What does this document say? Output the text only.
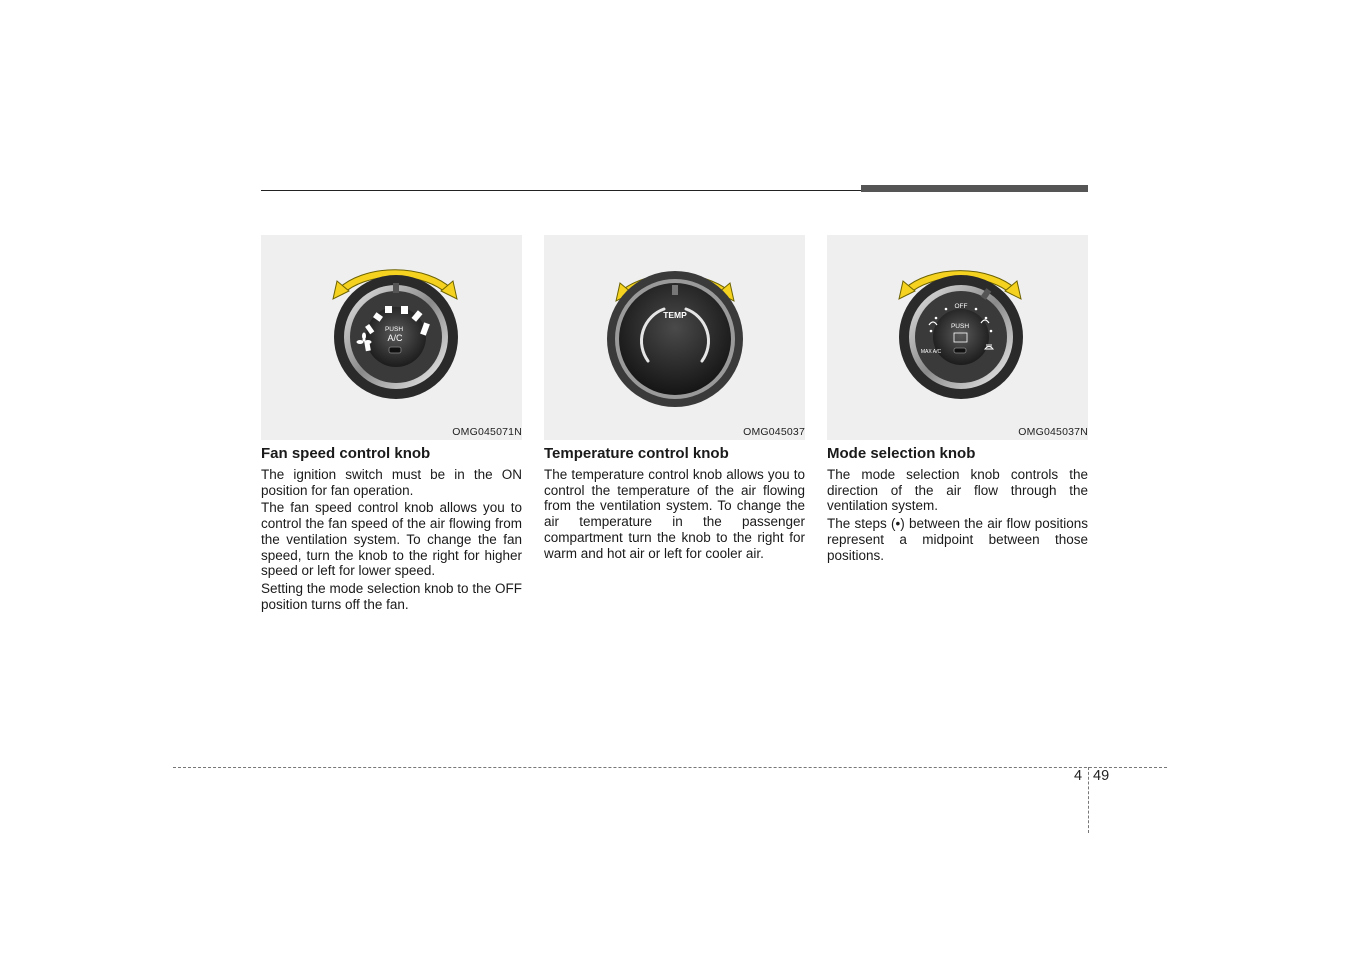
PUSH
A/C
OMG045071N
Fan speed control knob

The ignition switch must be in the ON position for fan operation.

The fan speed control knob allows you to control the fan speed of the air flowing from the ventilation system. To change the fan speed, turn the knob to the right for higher speed or left for lower speed.

Setting the mode selection knob to the OFF position turns off the fan.

TEMP
OMG045037
Temperature control knob

The temperature control knob allows you to control the temperature of the air flowing from the ventilation system. To change the air temperature in the passenger compartment turn the knob to the right for warm and hot air or left for cooler air.

OFF
PUSH
MAX A/C
OMG045037N
Mode selection knob

The mode selection knob controls the direction of the air flow through the ventilation system.

The steps (•) between the air flow positions represent a midpoint between those positions.

4 49
